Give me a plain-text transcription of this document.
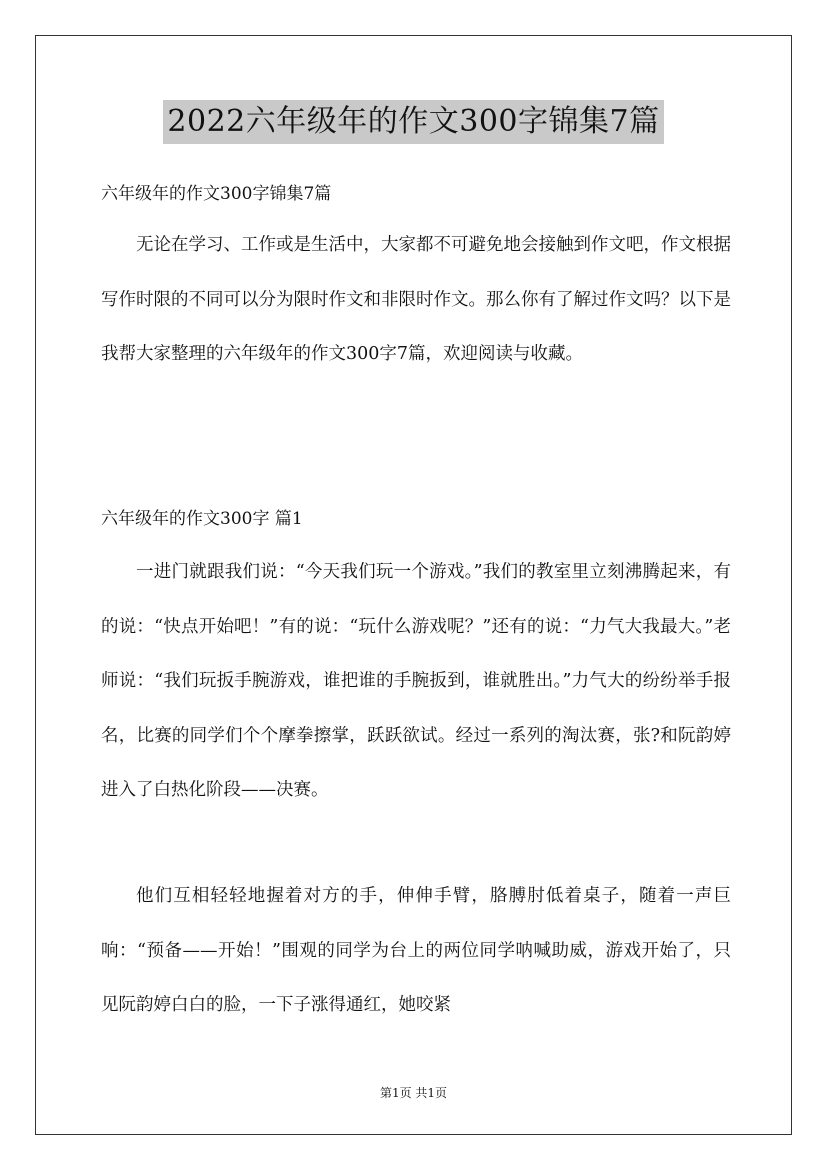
2022六年级年的作文300字锦集7篇
六年级年的作文300字锦集7篇
无论在学习、工作或是生活中，大家都不可避免地会接触到作文吧，作文根据写作时限的不同可以分为限时作文和非限时作文。那么你有了解过作文吗？以下是我帮大家整理的六年级年的作文300字7篇，欢迎阅读与收藏。
六年级年的作文300字 篇1
一进门就跟我们说：“今天我们玩一个游戏。”我们的教室里立刻沸腾起来，有的说：“快点开始吧！”有的说：“玩什么游戏呢？”还有的说：“力气大我最大。”老师说：“我们玩扳手腕游戏，谁把谁的手腕扳到，谁就胜出。”力气大的纷纷举手报名，比赛的同学们个个摩拳擦掌，跃跃欲试。经过一系列的淘汰赛，张?和阮韵婷进入了白热化阶段——决赛。
他们互相轻轻地握着对方的手，伸伸手臂，胳膊肘低着桌子，随着一声巨响：“预备——开始！”围观的同学为台上的两位同学呐喊助威，游戏开始了，只见阮韵婷白白的脸，一下子涨得通红，她咬紧
第1页 共1页
